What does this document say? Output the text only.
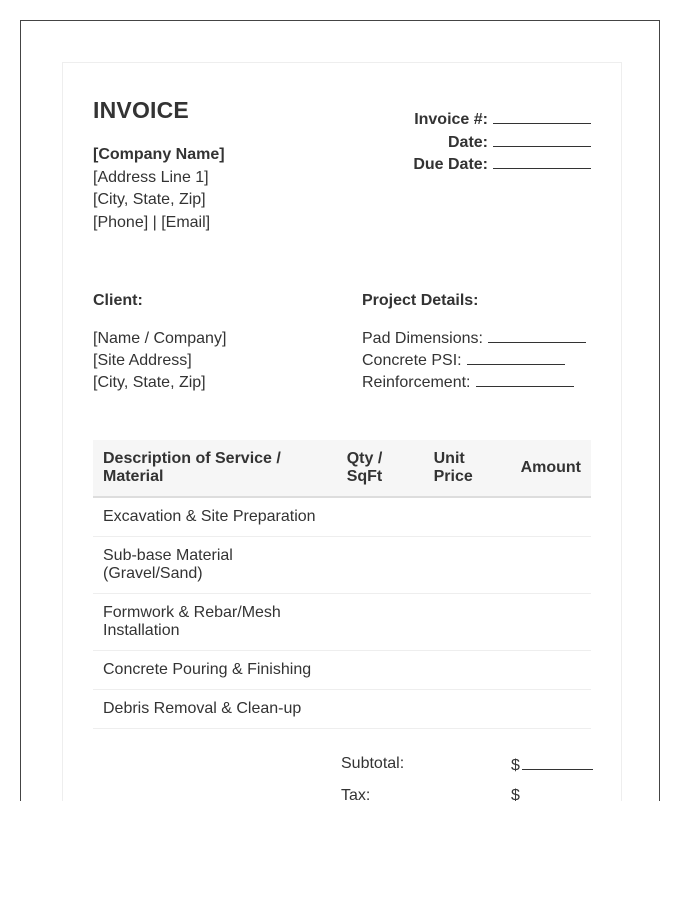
INVOICE
[Company Name]
[Address Line 1]
[City, State, Zip]
[Phone] | [Email]
Invoice #:
Date:
Due Date:
Client:
[Name / Company]
[Site Address]
[City, State, Zip]
Project Details:
Pad Dimensions:
Concrete PSI:
Reinforcement:
Description of Service / Material	Qty / SqFt	Unit Price	Amount
Excavation & Site Preparation			
Sub-base Material (Gravel/Sand)			
Formwork & Rebar/Mesh Installation			
Concrete Pouring & Finishing			
Debris Removal & Clean-up			
Subtotal:	$
Tax:	$
